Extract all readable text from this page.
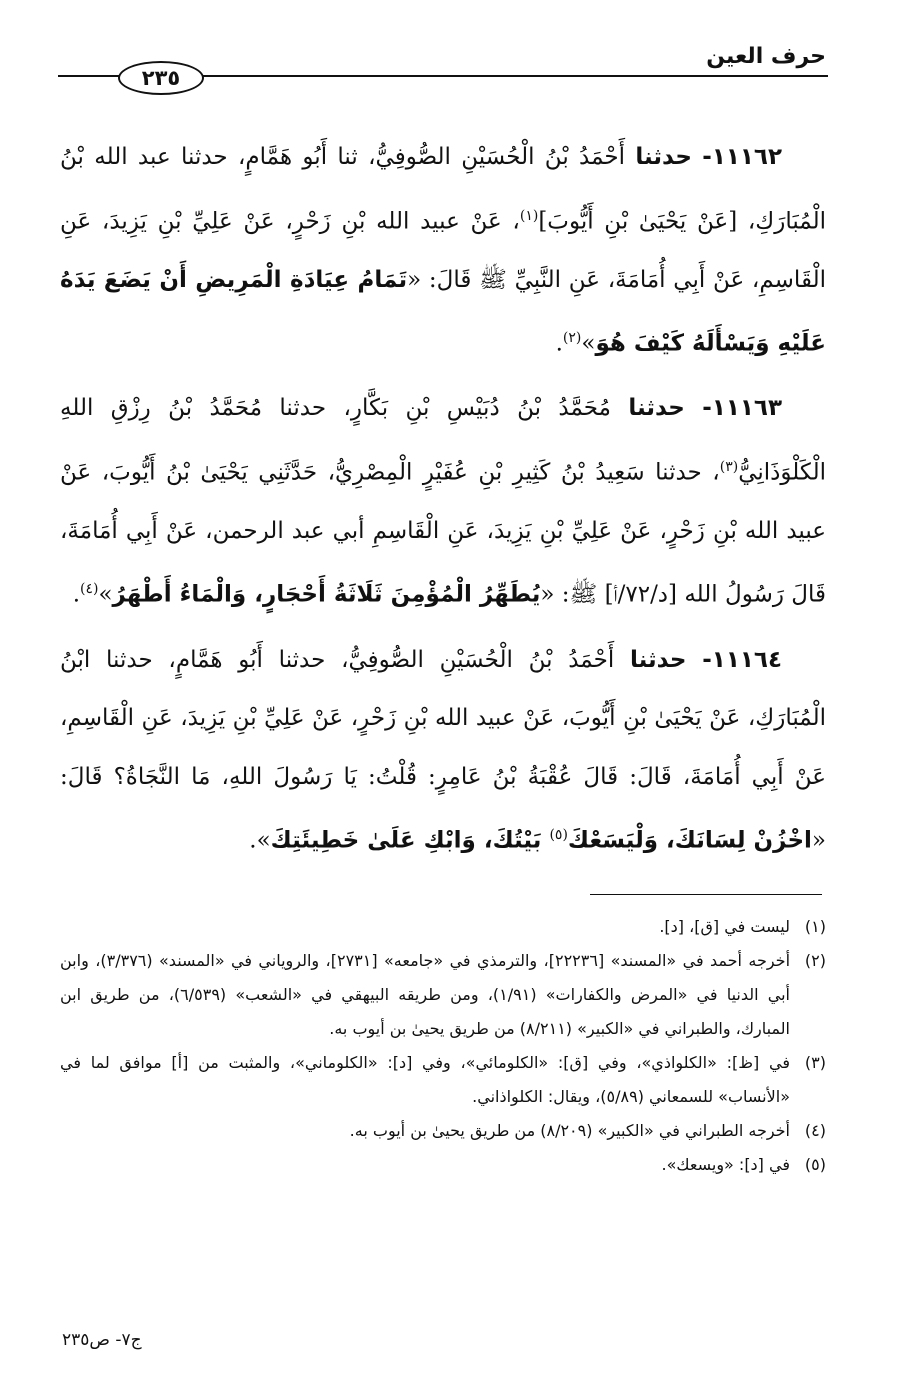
حرف العين
٢٣٥

١١١٦٢- حدثنا أَحْمَدُ بْنُ الْحُسَيْنِ الصُّوفِيُّ، ثنا أَبُو هَمَّامٍ، حدثنا عبد الله بْنُ الْمُبَارَكِ، [عَنْ يَحْيَىٰ بْنِ أَيُّوبَ]$^{(١)}$، عَنْ عبيد الله بْنِ زَحْرٍ، عَنْ عَلِيِّ بْنِ يَزِيدَ، عَنِ الْقَاسِمِ، عَنْ أَبِي أُمَامَةَ، عَنِ النَّبِيِّ ﷺ قَالَ: «تَمَامُ عِيَادَةِ الْمَرِيضِ أَنْ يَضَعَ يَدَهُ عَلَيْهِ وَيَسْأَلَهُ كَيْفَ هُوَ»$^{(٢)}$.

١١١٦٣- حدثنا مُحَمَّدُ بْنُ دُبَيْسِ بْنِ بَكَّارٍ، حدثنا مُحَمَّدُ بْنُ رِزْقِ اللهِ الْكَلْوَذَانِيُّ$^{(٣)}$، حدثنا سَعِيدُ بْنُ كَثِيرِ بْنِ عُفَيْرٍ الْمِصْرِيُّ، حَدَّثَنِي يَحْيَىٰ بْنُ أَيُّوبَ، عَنْ عبيد الله بْنِ زَحْرٍ، عَنْ عَلِيِّ بْنِ يَزِيدَ، عَنِ الْقَاسِمِ أبي عبد الرحمن، عَنْ أَبِي أُمَامَةَ، قَالَ رَسُولُ الله [د/٧٢/أ] ﷺ: «يُطَهِّرُ الْمُؤْمِنَ ثَلَاثَةُ أَحْجَارٍ، وَالْمَاءُ أَطْهَرُ»$^{(٤)}$.

١١١٦٤- حدثنا أَحْمَدُ بْنُ الْحُسَيْنِ الصُّوفِيُّ، حدثنا أَبُو هَمَّامٍ، حدثنا ابْنُ الْمُبَارَكِ، عَنْ يَحْيَىٰ بْنِ أَيُّوبَ، عَنْ عبيد الله بْنِ زَحْرٍ، عَنْ عَلِيِّ بْنِ يَزِيدَ، عَنِ الْقَاسِمِ، عَنْ أَبِي أُمَامَةَ، قَالَ: قَالَ عُقْبَةُ بْنُ عَامِرٍ: قُلْتُ: يَا رَسُولَ اللهِ، مَا النَّجَاةُ؟ قَالَ: «اخْزُنْ لِسَانَكَ، وَلْيَسَعْكَ$^{(٥)}$ بَيْتُكَ، وَابْكِ عَلَىٰ خَطِيئَتِكَ».

(١)
ليست في [ق]، [د].
(٢)
أخرجه أحمد في «المسند» [٢٢٢٣٦]، والترمذي في «جامعه» [٢٧٣١]، والروياني في «المسند» (٣/٣٧٦)، وابن أبي الدنيا في «المرض والكفارات» (١/٩١)، ومن طريقه البيهقي في «الشعب» (٦/٥٣٩)، من طريق ابن المبارك، والطبراني في «الكبير» (٨/٢١١) من طريق يحيىٰ بن أيوب به.
(٣)
في [ظ]: «الكلواذي»، وفي [ق]: «الكلومائي»، وفي [د]: «الكلوماني»، والمثبت من [أ] موافق لما في «الأنساب» للسمعاني (٥/٨٩)، ويقال: الكلواذاني.
(٤)
أخرجه الطبراني في «الكبير» (٨/٢٠٩) من طريق يحيىٰ بن أيوب به.
(٥)
في [د]: «ويسعك».
ج٧- ص٢٣٥
